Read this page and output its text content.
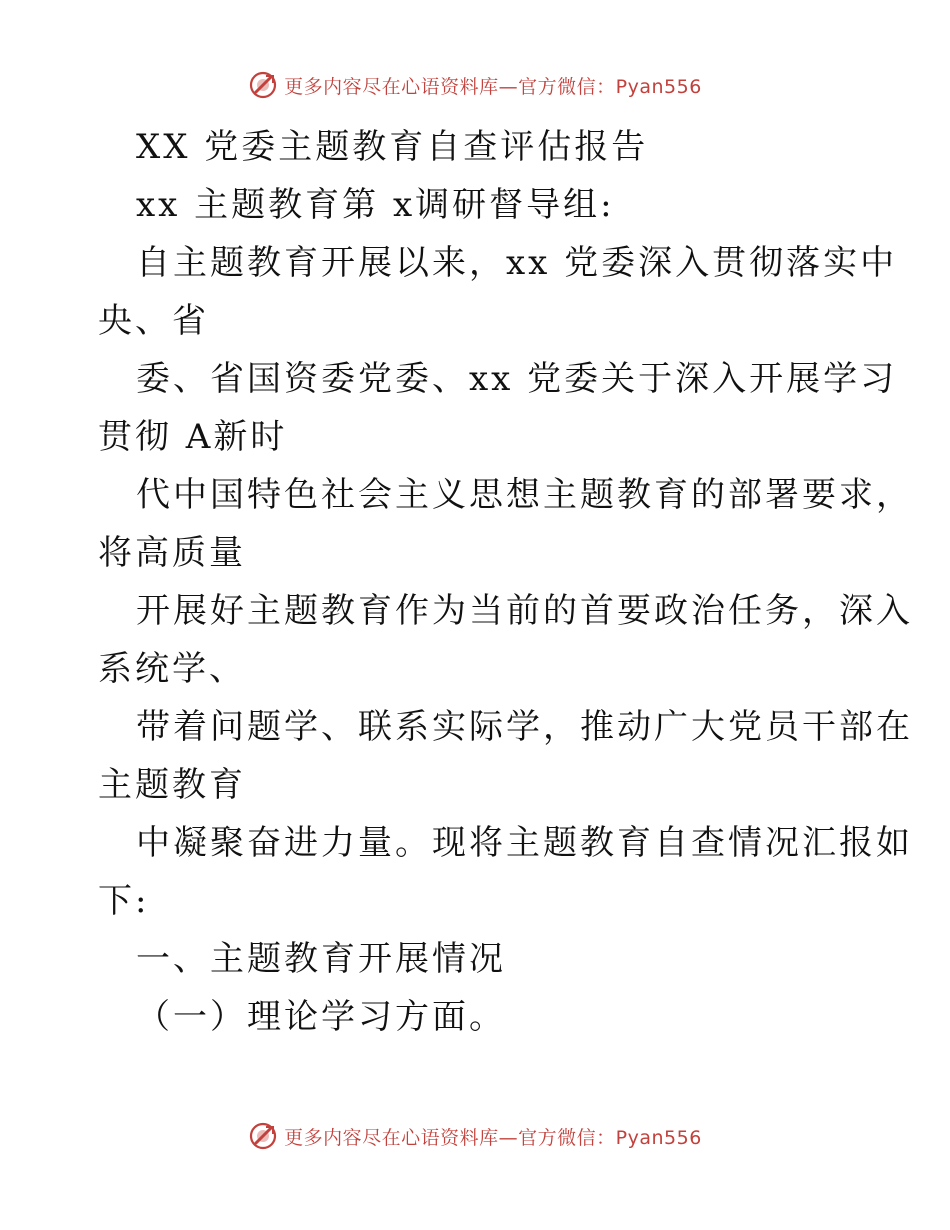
更多内容尽在心语资料库—官方微信：Pyan556
XX 党委主题教育自查评估报告
xx 主题教育第 x调研督导组:
自主题教育开展以来，xx 党委深入贯彻落实中
央、省
委、省国资委党委、xx 党委关于深入开展学习
贯彻 A新时
代中国特色社会主义思想主题教育的部署要求，
将高质量
开展好主题教育作为当前的首要政治任务，深入
系统学、
带着问题学、联系实际学，推动广大党员干部在
主题教育
中凝聚奋进力量。现将主题教育自查情况汇报如
下:
一、主题教育开展情况
（一）理论学习方面。
更多内容尽在心语资料库—官方微信：Pyan556
